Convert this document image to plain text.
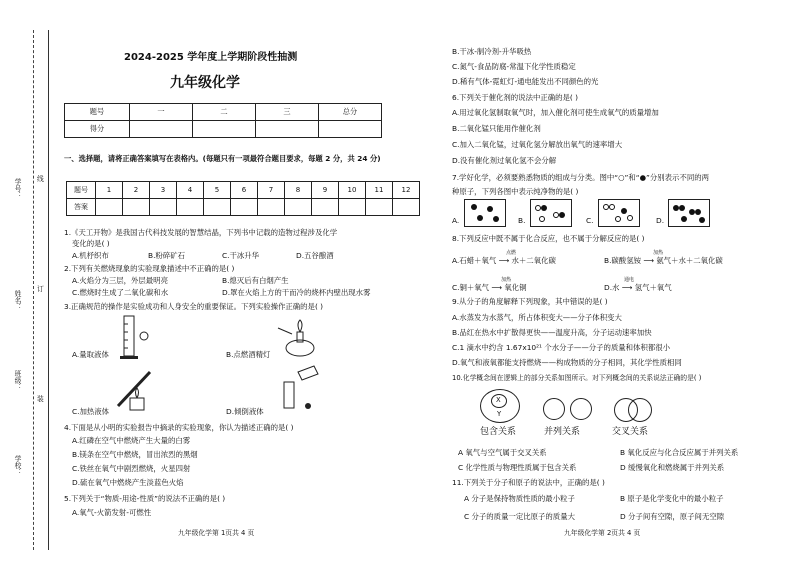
学号：
姓名：
班级：
学校：
线
订
装
2024-2025 学年度上学期阶段性抽测
九年级化学
题号	一	二	三	总分
得分				
一、选择题，请将正确答案填写在表格内。(每题只有一项最符合题目要求，每题 2 分，共 24 分)
题号	1	2	3	4	5	6	7	8	9	10	11	12
答案												
1.《天工开物》是我国古代科技发展的智慧结晶，下列书中记载的造物过程涉及化学
变化的是( )
A.机杼织布	B.粉碎矿石	C.干冰升华	D.五谷酿酒
2.下列有关燃烧现象的实验现象描述中不正确的是( )
A.火焰分为三层，外层最明亮	B.熄灭后有白烟产生
C.燃烧时生成了二氧化碳和水	D.罩在火焰上方的干而冷的烧杯内壁出现水雾
3.正确规范的操作是实验成功和人身安全的重要保证。下列实验操作正确的是( )
A.量取液体	B.点燃酒精灯
C.加热液体	D.倾倒液体
4.下面是从小明的实验报告中摘录的实验现象，你认为描述正确的是( )
A.红磷在空气中燃烧产生大量的白雾
B.镁条在空气中燃烧，冒出浓烈的黑烟
C.铁丝在氧气中剧烈燃烧，火星四射
D.硫在氧气中燃烧产生淡蓝色火焰
5.下列关于“物质-用途-性质”的说法不正确的是( )
A.氧气-火箭发射-可燃性
九年级化学第 1页共 4 页
B.干冰-制冷剂-升华吸热
C.氮气-食品防腐-常温下化学性质稳定
D.稀有气体-霓虹灯-通电能发出不同颜色的光
6.下列关于催化剂的说法中正确的是( )
A.用过氧化氢制取氧气时，加入催化剂可使生成氧气的质量增加
B.二氧化锰只能用作催化剂
C.加入二氧化锰，过氧化氢分解放出氧气的速率增大
D.没有催化剂过氧化氢不会分解
7.学好化学，必须要熟悉物质的组成与分类。图中“○”和“●”分别表示不同的两
种原子，下列各图中表示纯净物的是( )
A.	B.	C.	D.
8.下列反应中既不属于化合反应，也不属于分解反应的是( )
A.石蜡＋氧气 ⟶ 水＋二氧化碳
点燃
B.碳酸氢铵 ⟶ 氨气＋水＋二氧化碳
加热
C.铜＋氧气 ⟶ 氧化铜
加热
D.水 ⟶ 氢气＋氧气
通电
9.从分子的角度解释下列现象，其中错误的是( )
A.水蒸发为水蒸气，所占体积变大——分子体积变大
B.品红在热水中扩散得更快——温度升高，分子运动速率加快
C.1 滴水中约含 1.67x10²¹ 个水分子——分子的质量和体积都很小
D.氧气和液氧都能支持燃烧——构成物质的分子相同，其化学性质相同
10.化学概念间在逻辑上的部分关系如图所示。对下列概念间的关系说法正确的是( )
X
Y
包含关系	并列关系	交叉关系
A 氧气与空气属于交叉关系	B 氧化反应与化合反应属于并列关系
C 化学性质与物理性质属于包含关系	D 缓慢氧化和燃烧属于并列关系
11.下列关于分子和原子的说法中，正确的是( )
A 分子是保持物质性质的最小粒子	B 原子是化学变化中的最小粒子
C 分子的质量一定比原子的质量大	D 分子间有空隙，原子间无空隙
九年级化学第 2页共 4 页
